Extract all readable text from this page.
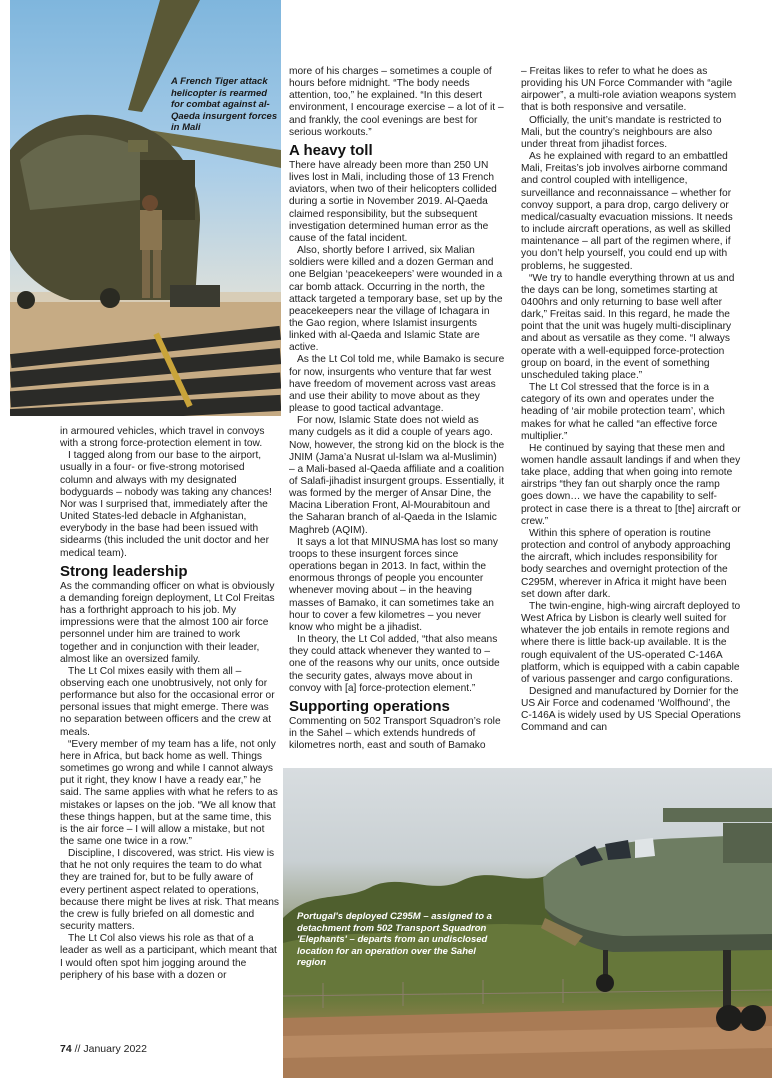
A French Tiger attack helicopter is rearmed for combat against al-Qaeda insurgent forces in Mali

in armoured vehicles, which travel in convoys with a strong force-protection element in tow.

I tagged along from our base to the airport, usually in a four- or five-strong motorised column and always with my designated bodyguards – nobody was taking any chances! Nor was I surprised that, immediately after the United States-led debacle in Afghanistan, everybody in the base had been issued with sidearms (this included the unit doctor and her medical team).

Strong leadership

As the commanding officer on what is obviously a demanding foreign deployment, Lt Col Freitas has a forthright approach to his job. My impressions were that the almost 100 air force personnel under him are trained to work together and in conjunction with their leader, almost like an oversized family.

The Lt Col mixes easily with them all – observing each one unobtrusively, not only for performance but also for the occasional error or personal issues that might emerge. There was no separation between officers and the crew at meals.

“Every member of my team has a life, not only here in Africa, but back home as well. Things sometimes go wrong and while I cannot always put it right, they know I have a ready ear,” he said. The same applies with what he refers to as mistakes or lapses on the job. “We all know that these things happen, but at the same time, this is the air force – I will allow a mistake, but not the same one twice in a row.”

Discipline, I discovered, was strict. His view is that he not only requires the team to do what they are trained for, but to be fully aware of every pertinent aspect related to operations, because there might be lives at risk. That means the crew is fully briefed on all domestic and security matters.

The Lt Col also views his role as that of a leader as well as a participant, which meant that I would often spot him jogging around the periphery of his base with a dozen or

more of his charges – sometimes a couple of hours before midnight. “The body needs attention, too,” he explained. “In this desert environment, I encourage exercise – a lot of it – and frankly, the cool evenings are best for serious workouts.”

A heavy toll

There have already been more than 250 UN lives lost in Mali, including those of 13 French aviators, when two of their helicopters collided during a sortie in November 2019. Al-Qaeda claimed responsibility, but the subsequent investigation determined human error as the cause of the fatal incident.

Also, shortly before I arrived, six Malian soldiers were killed and a dozen German and one Belgian ‘peacekeepers’ were wounded in a car bomb attack. Occurring in the north, the attack targeted a temporary base, set up by the peacekeepers near the village of Ichagara in the Gao region, where Islamist insurgents linked with al-Qaeda and Islamic State are active.

As the Lt Col told me, while Bamako is secure for now, insurgents who venture that far west have freedom of movement across vast areas and use their ability to move about as they please to good tactical advantage.

For now, Islamic State does not wield as many cudgels as it did a couple of years ago. Now, however, the strong kid on the block is the JNIM (Jama’a Nusrat ul-Islam wa al-Muslimin) – a Mali-based al-Qaeda affiliate and a coalition of Salafi-jihadist insurgent groups. Essentially, it was formed by the merger of Ansar Dine, the Macina Liberation Front, Al-Mourabitoun and the Saharan branch of al-Qaeda in the Islamic Maghreb (AQIM).

It says a lot that MINUSMA has lost so many troops to these insurgent forces since operations began in 2013. In fact, within the enormous throngs of people you encounter whenever moving about – in the heaving masses of Bamako, it can sometimes take an hour to cover a few kilometres – you never know who might be a jihadist.

In theory, the Lt Col added, “that also means they could attack whenever they wanted to – one of the reasons why our units, once outside the security gates, always move about in convoy with [a] force-protection element.”

Supporting operations

Commenting on 502 Transport Squadron’s role in the Sahel – which extends hundreds of kilometres north, east and south of Bamako

– Freitas likes to refer to what he does as providing his UN Force Commander with “agile airpower”, a multi-role aviation weapons system that is both responsive and versatile.

Officially, the unit’s mandate is restricted to Mali, but the country’s neighbours are also under threat from jihadist forces.

As he explained with regard to an embattled Mali, Freitas’s job involves airborne command and control coupled with intelligence, surveillance and reconnaissance – whether for convoy support, a para drop, cargo delivery or medical/casualty evacuation missions. It needs to include aircraft operations, as well as skilled maintenance – all part of the regimen where, if you don’t help yourself, you could end up with problems, he suggested.

“We try to handle everything thrown at us and the days can be long, sometimes starting at 0400hrs and only returning to base well after dark,” Freitas said. In this regard, he made the point that the unit was hugely multi-disciplinary and about as versatile as they come. “I always operate with a well-equipped force-protection group on board, in the event of something unscheduled taking place.”

The Lt Col stressed that the force is in a category of its own and operates under the heading of ‘air mobile protection team’, which makes for what he called “an effective force multiplier.”

He continued by saying that these men and women handle assault landings if and when they take place, adding that when going into remote airstrips “they fan out sharply once the ramp goes down… we have the capability to self-protect in case there is a threat to [the] aircraft or crew.”

Within this sphere of operation is routine protection and control of anybody approaching the aircraft, which includes responsibility for body searches and overnight protection of the C295M, wherever in Africa it might have been set down after dark.

The twin-engine, high-wing aircraft deployed to West Africa by Lisbon is clearly well suited for whatever the job entails in remote regions and where there is little back-up available. It is the rough equivalent of the US-operated C-146A platform, which is equipped with a cabin capable of various passenger and cargo configurations.

Designed and manufactured by Dornier for the US Air Force and codenamed ‘Wolfhound’, the C-146A is widely used by US Special Operations Command and can

Portugal's deployed C295M – assigned to a detachment from 502 Transport Squadron 'Elephants' – departs from an undisclosed location for an operation over the Sahel region
74 // January 2022
